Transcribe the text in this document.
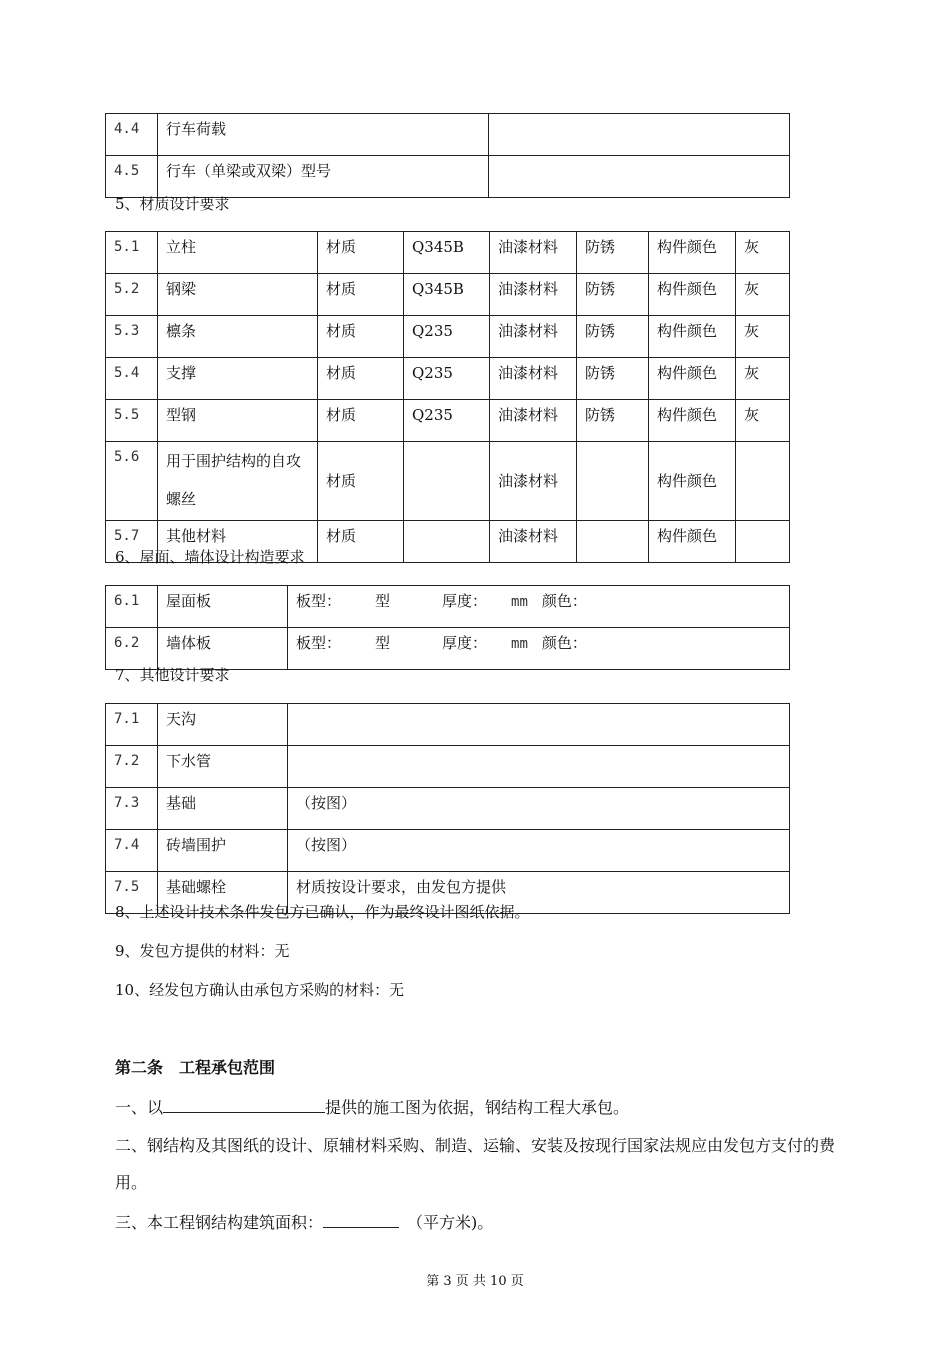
4.4	行车荷载	
4.5	行车（单梁或双梁）型号	
5、材质设计要求
5.1	立柱	材质	Q345B	油漆材料	防锈	构件颜色	灰
5.2	钢梁	材质	Q345B	油漆材料	防锈	构件颜色	灰
5.3	檩条	材质	Q235	油漆材料	防锈	构件颜色	灰
5.4	支撑	材质	Q235	油漆材料	防锈	构件颜色	灰
5.5	型钢	材质	Q235	油漆材料	防锈	构件颜色	灰
5.6	用于围护结构的自攻螺丝	材质		油漆材料		构件颜色	
5.7	其他材料	材质		油漆材料		构件颜色	
6、屋面、墙体设计构造要求
6.1	屋面板	板型： 型 厚度： mm 颜色：
6.2	墙体板	板型： 型 厚度： mm 颜色：
7、其他设计要求
7.1	天沟	
7.2	下水管	
7.3	基础	（按图）
7.4	砖墙围护	（按图）
7.5	基础螺栓	材质按设计要求，由发包方提供
8、上述设计技术条件发包方已确认，作为最终设计图纸依据。
9、发包方提供的材料：无
10、经发包方确认由承包方采购的材料：无
第二条 工程承包范围
一、以	提供的施工图为依据，钢结构工程大承包。
二、钢结构及其图纸的设计、原辅材料采购、制造、运输、安装及按现行国家法规应由发包方支付的费
用。
三、本工程钢结构建筑面积：	（平方米)。
第 3 页 共 10 页
